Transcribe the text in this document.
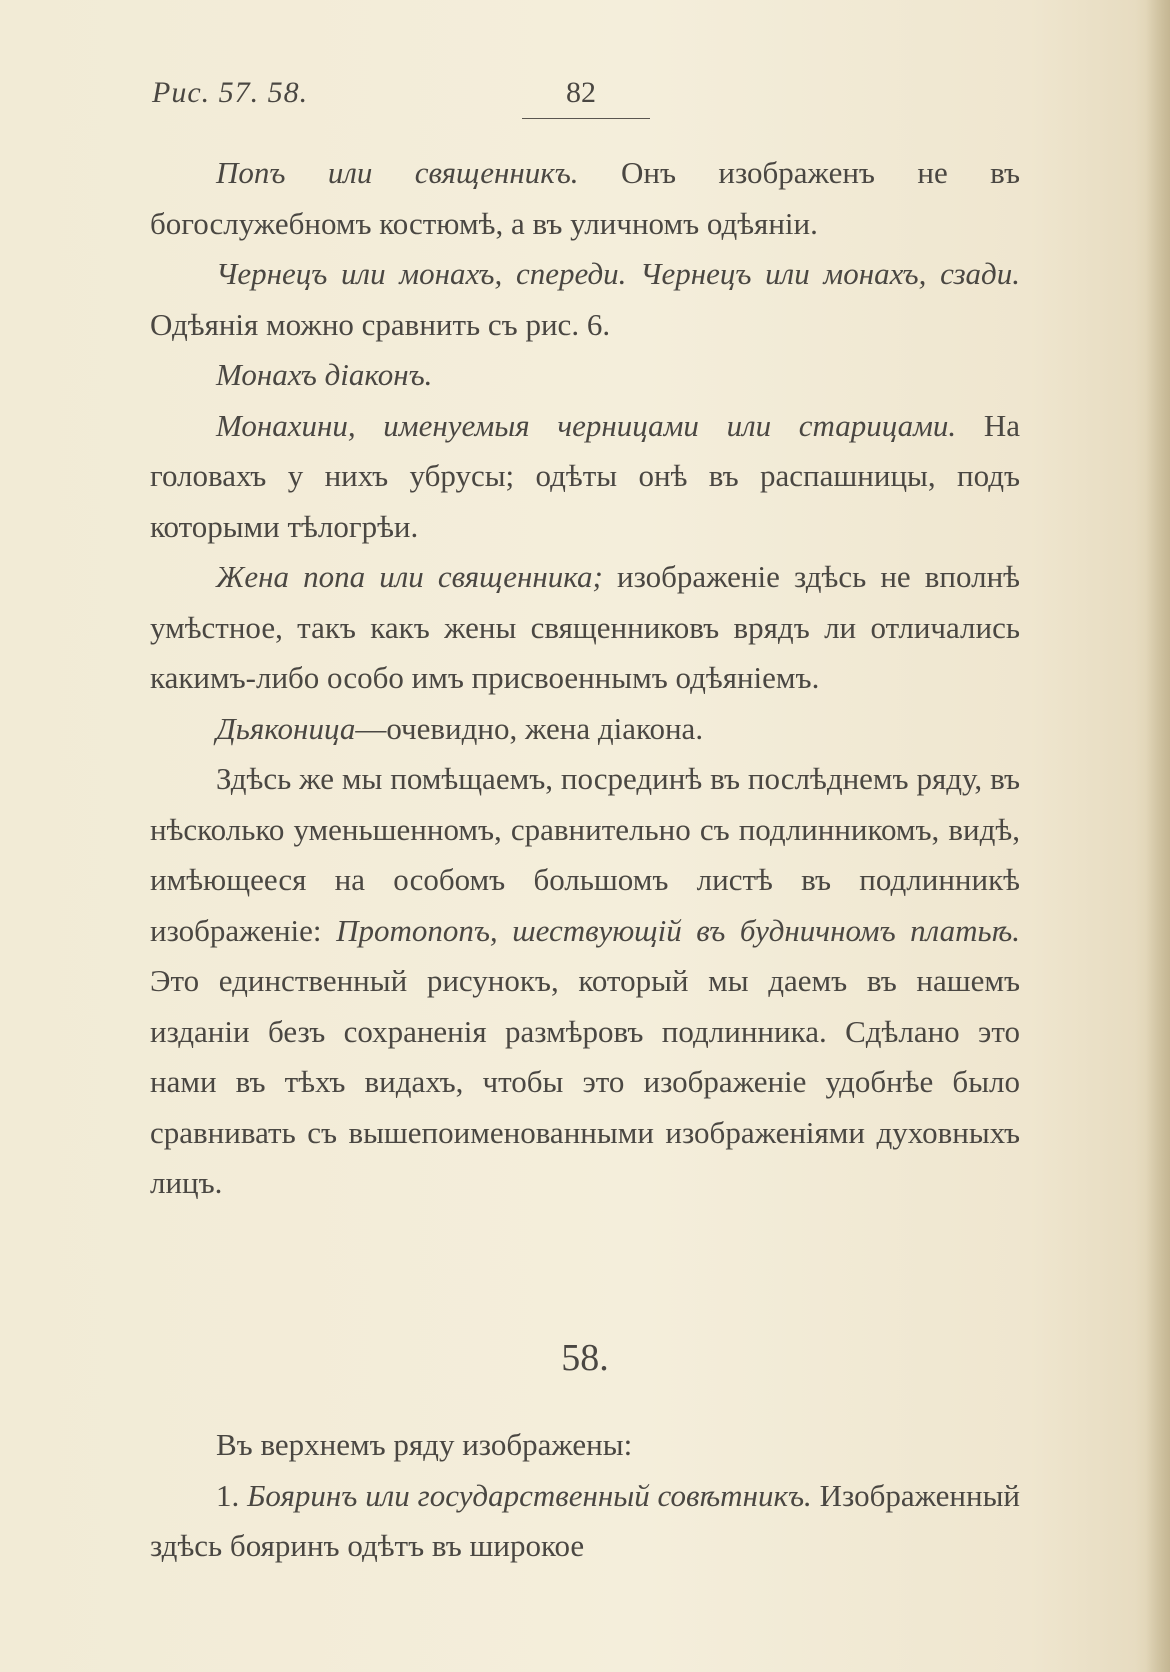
Рис. 57. 58.	82

Попъ или священникъ. Онъ изображенъ не въ богослужебномъ костюмѣ, а въ уличномъ одѣяніи.

Чернецъ или монахъ, спереди. Чернецъ или монахъ, сзади. Одѣянія можно сравнить съ рис. 6.

Монахъ діаконъ.

Монахини, именуемыя черницами или старицами. На головахъ у нихъ убрусы; одѣты онѣ въ распашницы, подъ которыми тѣлогрѣи.

Жена попа или священника; изображеніе здѣсь не вполнѣ умѣстное, такъ какъ жены священниковъ врядъ ли отличались какимъ-либо особо имъ присвоеннымъ одѣяніемъ.

Дьяконица—очевидно, жена діакона.

Здѣсь же мы помѣщаемъ, посрединѣ въ послѣднемъ ряду, въ нѣсколько уменьшенномъ, сравнительно съ подлинникомъ, видѣ, имѣющееся на особомъ большомъ листѣ въ подлинникѣ изображеніе: Протопопъ, шествующій въ будничномъ платьѣ. Это единственный рисунокъ, который мы даемъ въ нашемъ изданіи безъ сохраненія размѣровъ подлинника. Сдѣлано это нами въ тѣхъ видахъ, чтобы это изображеніе удобнѣе было сравнивать съ вышепоименованными изображеніями духовныхъ лицъ.

58.

Въ верхнемъ ряду изображены:

1. Бояринъ или государственный совѣтникъ. Изображенный здѣсь бояринъ одѣтъ въ широкое
